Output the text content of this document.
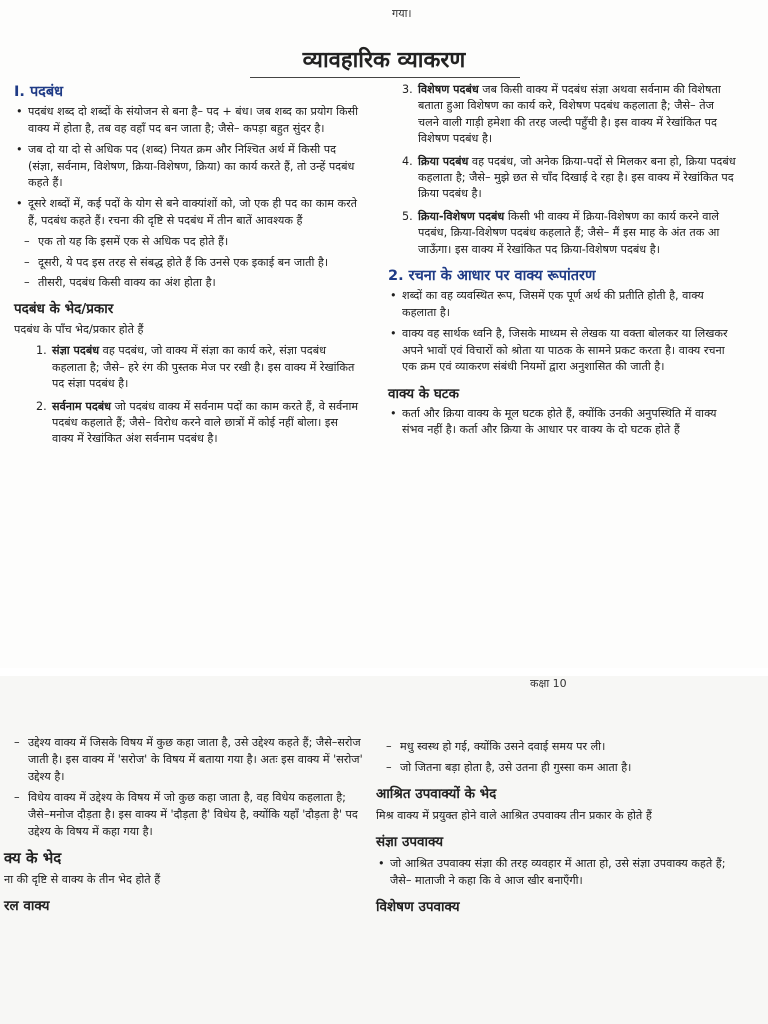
गया।
व्यावहारिक व्याकरण
I. पदबंध
• पदबंध शब्द दो शब्दों के संयोजन से बना है– पद + बंध। जब शब्द का प्रयोग किसी वाक्य में होता है, तब वह वहाँ पद बन जाता है; जैसे– कपड़ा बहुत सुंदर है।
• जब दो या दो से अधिक पद (शब्द) नियत क्रम और निश्चित अर्थ में किसी पद (संज्ञा, सर्वनाम, विशेषण, क्रिया-विशेषण, क्रिया) का कार्य करते हैं, तो उन्हें पदबंध कहते हैं।
• दूसरे शब्दों में, कई पदों के योग से बने वाक्यांशों को, जो एक ही पद का काम करते हैं, पदबंध कहते हैं। रचना की दृष्टि से पदबंध में तीन बातें आवश्यक हैं
– एक तो यह कि इसमें एक से अधिक पद होते हैं।
– दूसरी, ये पद इस तरह से संबद्ध होते हैं कि उनसे एक इकाई बन जाती है।
– तीसरी, पदबंध किसी वाक्य का अंश होता है।
पदबंध के भेद/प्रकार
पदबंध के पाँच भेद/प्रकार होते हैं
1. संज्ञा पदबंध वह पदबंध, जो वाक्य में संज्ञा का कार्य करे, संज्ञा पदबंध कहलाता है; जैसे– हरे रंग की पुस्तक मेज पर रखी है। इस वाक्य में रेखांकित पद संज्ञा पदबंध है।
2. सर्वनाम पदबंध जो पदबंध वाक्य में सर्वनाम पदों का काम करते हैं, वे सर्वनाम पदबंध कहलाते हैं; जैसे– विरोध करने वाले छात्रों में कोई नहीं बोला। इस वाक्य में रेखांकित अंश सर्वनाम पदबंध है।
3. विशेषण पदबंध जब किसी वाक्य में पदबंध संज्ञा अथवा सर्वनाम की विशेषता बताता हुआ विशेषण का कार्य करे, विशेषण पदबंध कहलाता है; जैसे– तेज चलने वाली गाड़ी हमेशा की तरह जल्दी पहुँची है। इस वाक्य में रेखांकित पद विशेषण पदबंध है।
4. क्रिया पदबंध वह पदबंध, जो अनेक क्रिया-पदों से मिलकर बना हो, क्रिया पदबंध कहलाता है; जैसे– मुझे छत से चाँद दिखाई दे रहा है। इस वाक्य में रेखांकित पद क्रिया पदबंध है।
5. क्रिया-विशेषण पदबंध किसी भी वाक्य में क्रिया-विशेषण का कार्य करने वाले पदबंध, क्रिया-विशेषण पदबंध कहलाते हैं; जैसे– मैं इस माह के अंत तक आ जाऊँगा। इस वाक्य में रेखांकित पद क्रिया-विशेषण पदबंध है।
2. रचना के आधार पर वाक्य रूपांतरण
• शब्दों का वह व्यवस्थित रूप, जिसमें एक पूर्ण अर्थ की प्रतीति होती है, वाक्य कहलाता है।
• वाक्य वह सार्थक ध्वनि है, जिसके माध्यम से लेखक या वक्ता बोलकर या लिखकर अपने भावों एवं विचारों को श्रोता या पाठक के सामने प्रकट करता है। वाक्य रचना एक क्रम एवं व्याकरण संबंधी नियमों द्वारा अनुशासित की जाती है।
वाक्य के घटक
• कर्ता और क्रिया वाक्य के मूल घटक होते हैं, क्योंकि उनकी अनुपस्थिति में वाक्य संभव नहीं है। कर्ता और क्रिया के आधार पर वाक्य के दो घटक होते हैं
कक्षा 10
– उद्देश्य वाक्य में जिसके विषय में कुछ कहा जाता है, उसे उद्देश्य कहते हैं; जैसे–सरोज जाती है। इस वाक्य में 'सरोज' के विषय में बताया गया है। अतः इस वाक्य में 'सरोज' उद्देश्य है।
– विधेय वाक्य में उद्देश्य के विषय में जो कुछ कहा जाता है, वह विधेय कहलाता है; जैसे–मनोज दौड़ता है। इस वाक्य में 'दौड़ता है' विधेय है, क्योंकि यहाँ 'दौड़ता है' पद उद्देश्य के विषय में कहा गया है।
क्य के भेद
ना की दृष्टि से वाक्य के तीन भेद होते हैं
रल वाक्य
– मधु स्वस्थ हो गई, क्योंकि उसने दवाई समय पर ली।
– जो जितना बड़ा होता है, उसे उतना ही गुस्सा कम आता है।
आश्रित उपवाक्यों के भेद
मिश्र वाक्य में प्रयुक्त होने वाले आश्रित उपवाक्य तीन प्रकार के होते हैं
संज्ञा उपवाक्य
• जो आश्रित उपवाक्य संज्ञा की तरह व्यवहार में आता हो, उसे संज्ञा उपवाक्य कहते हैं; जैसे– माताजी ने कहा कि वे आज खीर बनाएँगी।
विशेषण उपवाक्य
